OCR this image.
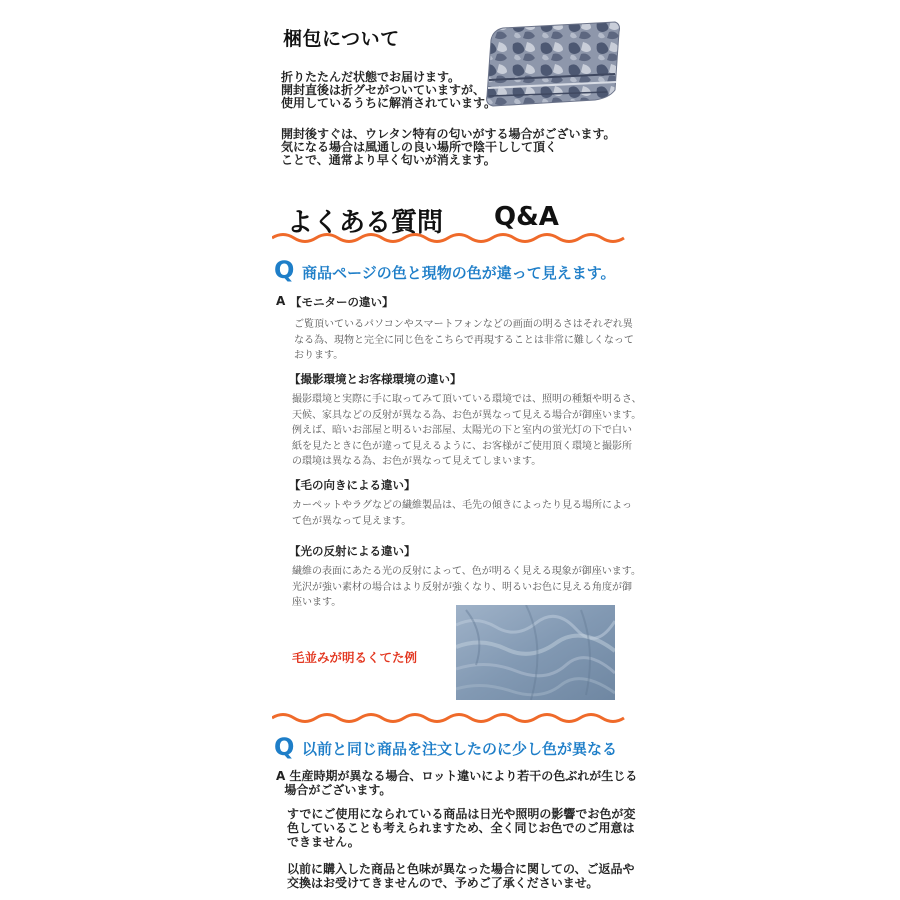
梱包について
折りたたんだ状態でお届けます。
開封直後は折グセがついていますが、
使用しているうちに解消されています。
開封後すぐは、ウレタン特有の匂いがする場合がございます。
気になる場合は風通しの良い場所で陰干しして頂く
ことで、通常より早く匂いが消えます。
よくある質問 Q&A
Q 商品ページの色と現物の色が違って見えます。
A 【モニターの違い】
ご覧頂いているパソコンやスマートフォンなどの画面の明るさはそれぞれ異
なる為、現物と完全に同じ色をこちらで再現することは非常に難しくなって
おります。
【撮影環境とお客様環境の違い】
撮影環境と実際に手に取ってみて頂いている環境では、照明の種類や明るさ、
天候、家具などの反射が異なる為、お色が異なって見える場合が御座います。
例えば、暗いお部屋と明るいお部屋、太陽光の下と室内の蛍光灯の下で白い
紙を見たときに色が違って見えるように、お客様がご使用頂く環境と撮影所
の環境は異なる為、お色が異なって見えてしまいます。
【毛の向きによる違い】
カーペットやラグなどの繊維製品は、毛先の傾きによったり見る場所によっ
て色が異なって見えます。
【光の反射による違い】
繊維の表面にあたる光の反射によって、色が明るく見える現象が御座います。
光沢が強い素材の場合はより反射が強くなり、明るいお色に見える角度が御
座います。
毛並みが明るくてた例
Q 以前と同じ商品を注文したのに少し色が異なる
A 生産時期が異なる場合、ロット違いにより若干の色ぶれが生じる
場合がございます。
すでにご使用になられている商品は日光や照明の影響でお色が変
色していることも考えられますため、全く同じお色でのご用意は
できません。
以前に購入した商品と色味が異なった場合に関しての、ご返品や
交換はお受けてきませんので、予めご了承くださいませ。
